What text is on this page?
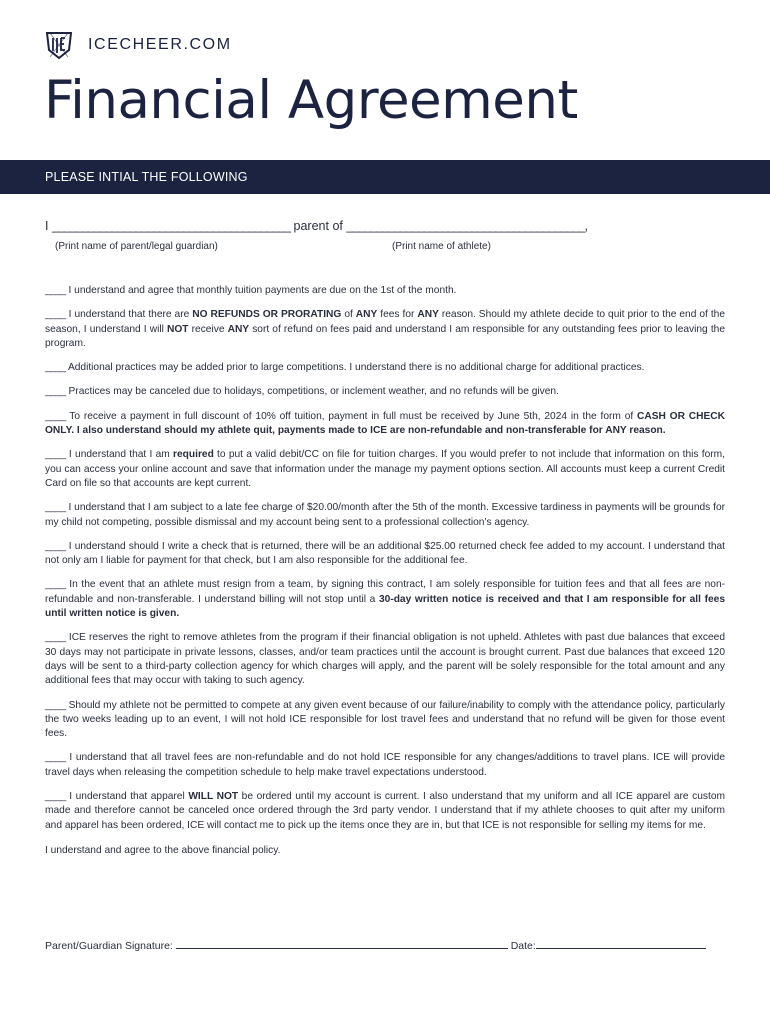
ICECHEER.COM
Financial Agreement
PLEASE INTIAL THE FOLLOWING
I ________________________________________ parent of ________________________________________,
(Print name of parent/legal guardian)	(Print name of athlete)

____ I understand and agree that monthly tuition payments are due on the 1st of the month.

____ I understand that there are NO REFUNDS OR PRORATING of ANY fees for ANY reason. Should my athlete decide to quit prior to the end of the season, I understand I will NOT receive ANY sort of refund on fees paid and understand I am responsible for any outstanding fees prior to leaving the program.

____ Additional practices may be added prior to large competitions. I understand there is no additional charge for additional practices.

____ Practices may be canceled due to holidays, competitions, or inclement weather, and no refunds will be given.

____ To receive a payment in full discount of 10% off tuition, payment in full must be received by June 5th, 2024 in the form of CASH OR CHECK ONLY. I also understand should my athlete quit, payments made to ICE are non-refundable and non-transferable for ANY reason.

____ I understand that I am required to put a valid debit/CC on file for tuition charges. If you would prefer to not include that information on this form, you can access your online account and save that information under the manage my payment options section. All accounts must keep a current Credit Card on file so that accounts are kept current.

____ I understand that I am subject to a late fee charge of $20.00/month after the 5th of the month. Excessive tardiness in payments will be grounds for my child not competing, possible dismissal and my account being sent to a professional collection’s agency.

____ I understand should I write a check that is returned, there will be an additional $25.00 returned check fee added to my account. I understand that not only am I liable for payment for that check, but I am also responsible for the additional fee.

____ In the event that an athlete must resign from a team, by signing this contract, I am solely responsible for tuition fees and that all fees are non-refundable and non-transferable. I understand billing will not stop until a 30-day written notice is received and that I am responsible for all fees until written notice is given.

____ ICE reserves the right to remove athletes from the program if their financial obligation is not upheld. Athletes with past due balances that exceed 30 days may not participate in private lessons, classes, and/or team practices until the account is brought current. Past due balances that exceed 120 days will be sent to a third-party collection agency for which charges will apply, and the parent will be solely responsible for the total amount and any additional fees that may occur with taking to such agency.

____ Should my athlete not be permitted to compete at any given event because of our failure/inability to comply with the attendance policy, particularly the two weeks leading up to an event, I will not hold ICE responsible for lost travel fees and understand that no refund will be given for those event fees.

____ I understand that all travel fees are non-refundable and do not hold ICE responsible for any changes/additions to travel plans. ICE will provide travel days when releasing the competition schedule to help make travel expectations understood.

____ I understand that apparel WILL NOT be ordered until my account is current. I also understand that my uniform and all ICE apparel are custom made and therefore cannot be canceled once ordered through the 3rd party vendor. I understand that if my athlete chooses to quit after my uniform and apparel has been ordered, ICE will contact me to pick up the items once they are in, but that ICE is not responsible for selling my items for me.

I understand and agree to the above financial policy.

Parent/Guardian Signature:	Date:
